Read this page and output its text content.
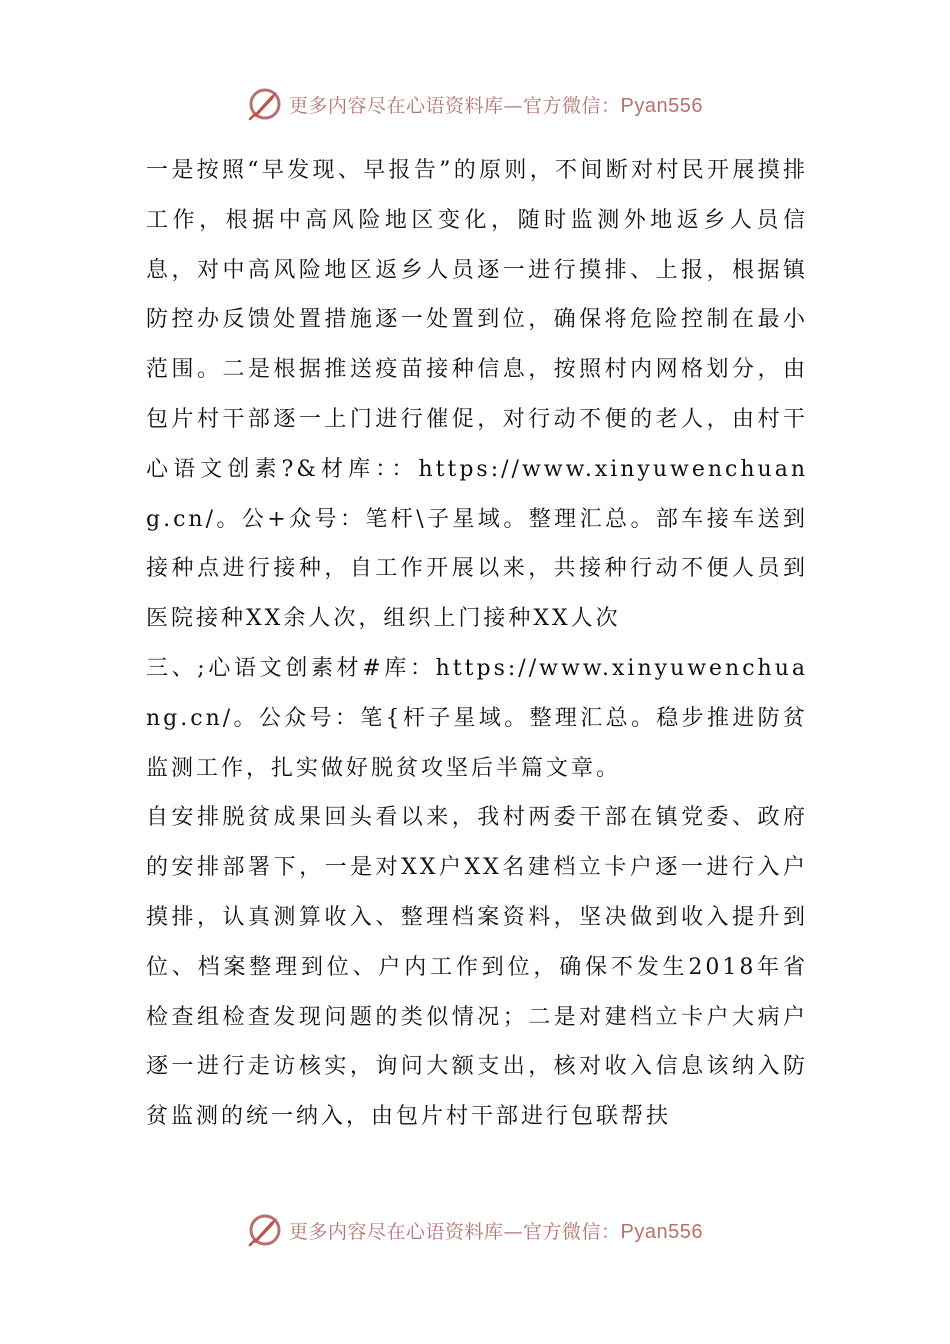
更多内容尽在心语资料库—官方微信：Pyan556

一是按照“早发现、早报告”的原则，不间断对村民开展摸排工作，根据中高风险地区变化，随时监测外地返乡人员信息，对中高风险地区返乡人员逐一进行摸排、上报，根据镇防控办反馈处置措施逐一处置到位，确保将危险控制在最小范围。二是根据推送疫苗接种信息，按照村内网格划分，由包片村干部逐一上门进行催促，对行动不便的老人，由村干心语文创素?&材库：：https://www.xinyuwenchuang.cn/。公+众号：笔杆\子星域。整理汇总。部车接车送到接种点进行接种，自工作开展以来，共接种行动不便人员到医院接种XX余人次，组织上门接种XX人次

三、;心语文创素材#库：https://www.xinyuwenchuang.cn/。公众号：笔{杆子星域。整理汇总。稳步推进防贫监测工作，扎实做好脱贫攻坚后半篇文章。

自安排脱贫成果回头看以来，我村两委干部在镇党委、政府的安排部署下，一是对XX户XX名建档立卡户逐一进行入户摸排，认真测算收入、整理档案资料，坚决做到收入提升到位、档案整理到位、户内工作到位，确保不发生2018年省检查组检查发现问题的类似情况；二是对建档立卡户大病户逐一进行走访核实，询问大额支出，核对收入信息该纳入防贫监测的统一纳入，由包片村干部进行包联帮扶

更多内容尽在心语资料库—官方微信：Pyan556
